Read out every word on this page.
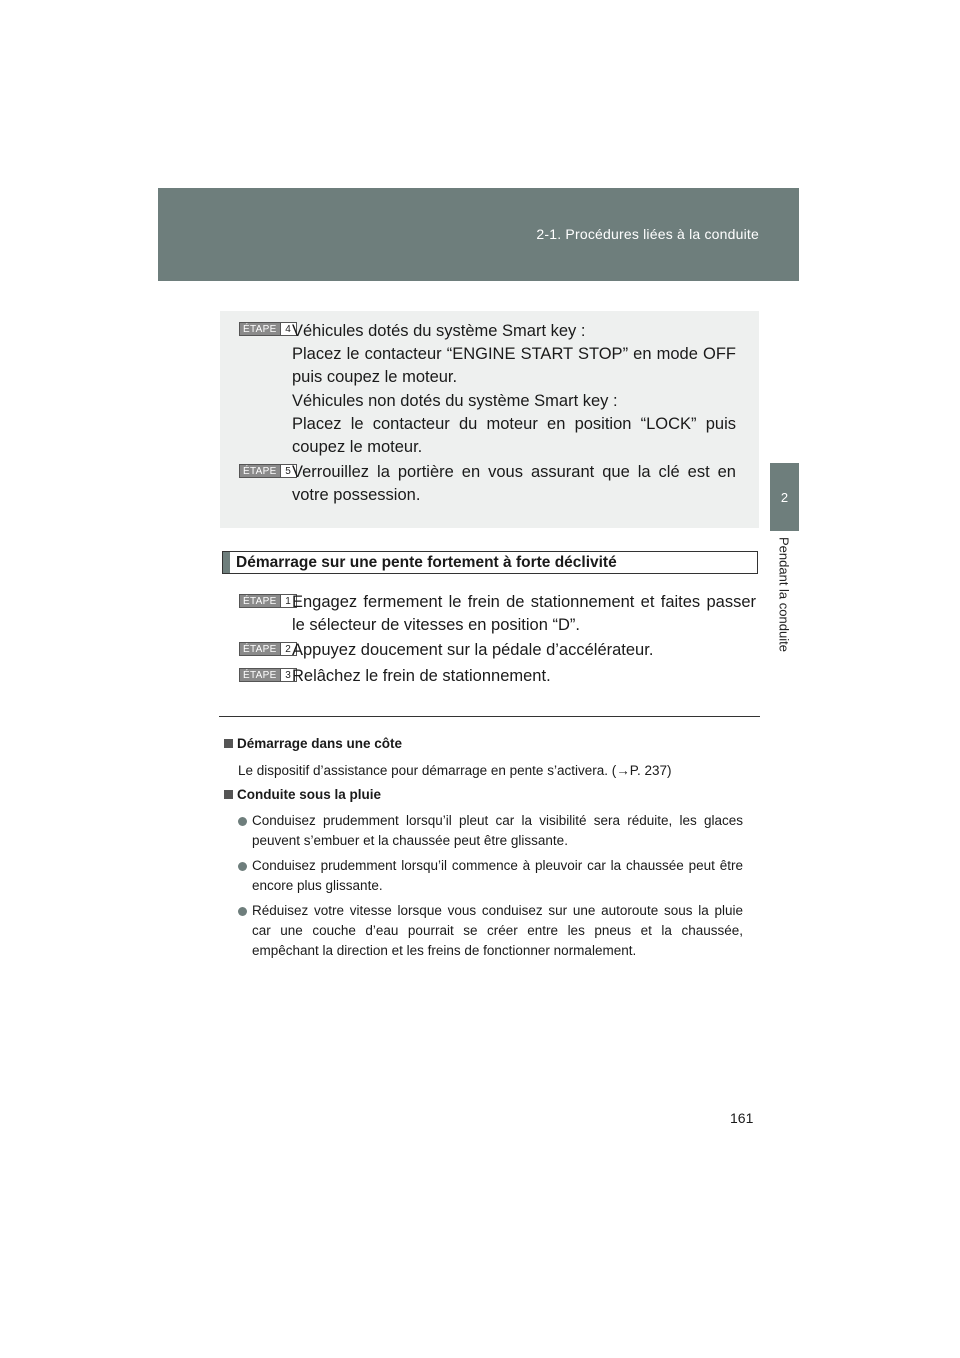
2-1. Procédures liées à la conduite
2
Pendant la conduite
ÉTAPE 4 Véhicules dotés du système Smart key :
Placez le contacteur “ENGINE START STOP” en mode OFF puis coupez le moteur.
Véhicules non dotés du système Smart key :
Placez le contacteur du moteur en position “LOCK” puis coupez le moteur.
ÉTAPE 5 Verrouillez la portière en vous assurant que la clé est en votre possession.
Démarrage sur une pente fortement à forte déclivité
ÉTAPE 1 Engagez fermement le frein de stationnement et faites passer le sélecteur de vitesses en position “D”.
ÉTAPE 2 Appuyez doucement sur la pédale d’accélérateur.
ÉTAPE 3 Relâchez le frein de stationnement.
Démarrage dans une côte
Le dispositif d’assistance pour démarrage en pente s’activera. (→P. 237)
Conduite sous la pluie
Conduisez prudemment lorsqu’il pleut car la visibilité sera réduite, les glaces peuvent s’embuer et la chaussée peut être glissante.
Conduisez prudemment lorsqu’il commence à pleuvoir car la chaussée peut être encore plus glissante.
Réduisez votre vitesse lorsque vous conduisez sur une autoroute sous la pluie car une couche d’eau pourrait se créer entre les pneus et la chaussée, empêchant la direction et les freins de fonctionner normalement.
161
